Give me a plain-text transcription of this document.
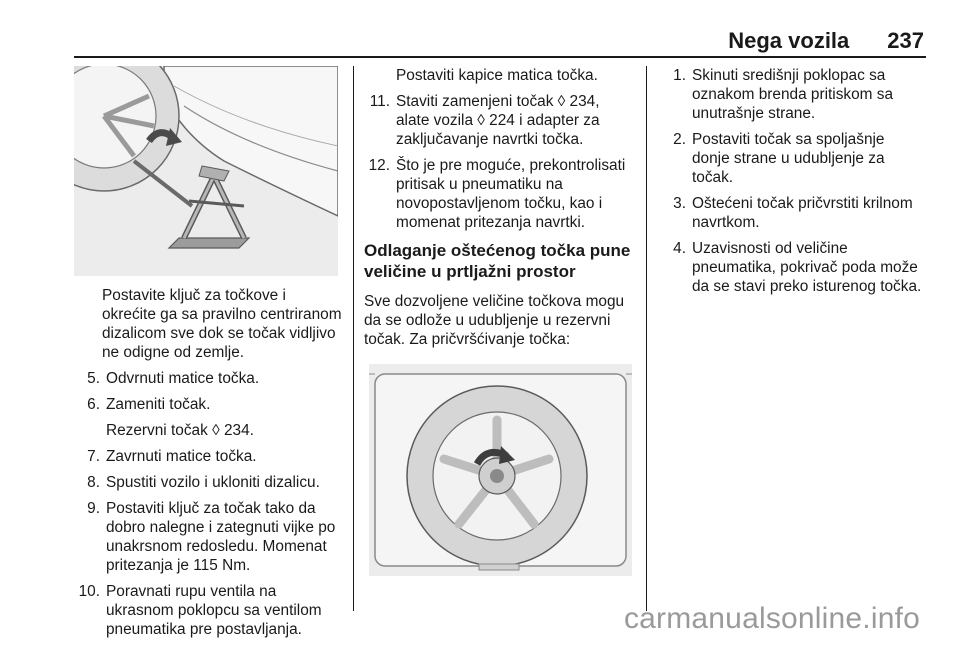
Nega vozila 237

Postavite ključ za točkove i okrećite ga sa pravilno centriranom dizalicom sve dok se točak vidljivo ne odigne od zemlje.

5. Odvrnuti matice točka.
6. Zameniti točak.

Rezervni točak ◊ 234.

7. Zavrnuti matice točka.
8. Spustiti vozilo i ukloniti dizalicu.
9. Postaviti ključ za točak tako da dobro nalegne i zategnuti vijke po unakrsnom redosledu. Momenat pritezanja je 115 Nm.
10. Poravnati rupu ventila na ukrasnom poklopcu sa ventilom pneumatika pre postavljanja.

Postaviti kapice matica točka.

11. Staviti zamenjeni točak ◊ 234, alate vozila ◊ 224 i adapter za zaključavanje navrtki točka.
12. Što je pre moguće, prekontrolisati pritisak u pneumatiku na novopostavljenom točku, kao i momenat pritezanja navrtki.
Odlaganje oštećenog točka pune veličine u prtljažni prostor

Sve dozvoljene veličine točkova mogu da se odlože u udubljenje u rezervni točak. Za pričvršćivanje točka:

1. Skinuti središnji poklopac sa oznakom brenda pritiskom sa unutrašnje strane.
2. Postaviti točak sa spoljašnje donje strane u udubljenje za točak.
3. Oštećeni točak pričvrstiti krilnom navrtkom.
4. Uzavisnosti od veličine pneumatika, pokrivač poda može da se stavi preko isturenog točka.
carmanualsonline.info
